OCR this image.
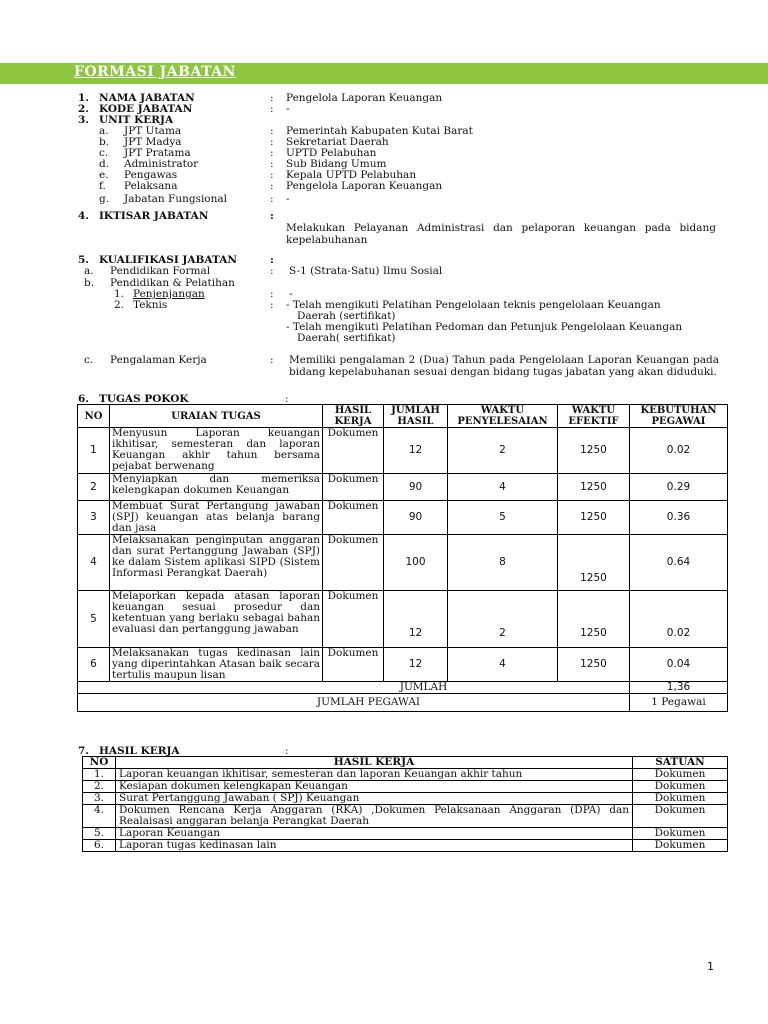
FORMASI JABATAN
1. NAMA JABATAN	: Pengelola Laporan Keuangan
2. KODE JABATAN	: -
3. UNIT KERJA
a. JPT Utama	: Pemerintah Kabupaten Kutai Barat
b. JPT Madya	: Sekretariat Daerah
c. JPT Pratama	: UPTD Pelabuhan
d. Administrator	: Sub Bidang Umum
e. Pengawas	: Kepala UPTD Pelabuhan
f. Pelaksana	: Pengelola Laporan Keuangan
g. Jabatan Fungsional	: -
4. IKTISAR JABATAN	:
Melakukan Pelayanan Administrasi dan pelaporan keuangan pada bidang kepelabuhanan
5. KUALIFIKASI JABATAN	:
a. Pendidikan Formal	: S-1 (Strata-Satu) Ilmu Sosial
b. Pendidikan & Pelatihan
1. Penjenjangan	: -
2. Teknis	: - Telah mengikuti Pelatihan Pengelolaan teknis pengelolaan Keuangan
Daerah (sertifikat)
- Telah mengikuti Pelatihan Pedoman dan Petunjuk Pengelolaan Keuangan
Daerah( sertifikat)
c. Pengalaman Kerja	: Memiliki pengalaman 2 (Dua) Tahun pada Pengelolaan Laporan Keuangan pada bidang kepelabuhanan sesuai dengan bidang tugas jabatan yang akan diduduki.
6. TUGAS POKOK	:
NO	URAIAN TUGAS	HASIL KERJA	JUMLAH HASIL	WAKTU PENYELESAIAN	WAKTU EFEKTIF	KEBUTUHAN PEGAWAI
1	Menyusun Laporan keuangan ikhitisar, semesteran dan laporan Keuangan akhir tahun bersama pejabat berwenang	Dokumen	12	2	1250	0.02
2	Menyiapkan dan memeriksa kelengkapan dokumen Keuangan	Dokumen	90	4	1250	0.29
3	Membuat Surat Pertangung jawaban (SPJ) keuangan atas belanja barang dan jasa	Dokumen	90	5	1250	0.36
4	Melaksanakan penginputan anggaran dan surat Pertanggung Jawaban (SPJ) ke dalam Sistem aplikasi SIPD (Sistem Informasi Perangkat Daerah)	Dokumen	100	8	1250	0.64
5	Melaporkan kepada atasan laporan keuangan sesuai prosedur dan ketentuan yang berlaku sebagai bahan evaluasi dan pertanggung jawaban	Dokumen	12	2	1250	0.02
6	Melaksanakan tugas kedinasan lain yang diperintahkan Atasan baik secara tertulis maupun lisan	Dokumen	12	4	1250	0.04
JUMLAH						1,36
JUMLAH PEGAWAI						1 Pegawai
7. HASIL KERJA	:
NO	HASIL KERJA	SATUAN
1.	Laporan keuangan ikhitisar, semesteran dan laporan Keuangan akhir tahun	Dokumen
2.	Kesiapan dokumen kelengkapan Keuangan	Dokumen
3.	Surat Pertanggung Jawaban ( SPJ) Keuangan	Dokumen
4.	Dokumen Rencana Kerja Anggaran (RKA) ,Dokumen Pelaksanaan Anggaran (DPA) dan Realaisasi anggaran belanja Perangkat Daerah	Dokumen
5.	Laporan Keuangan	Dokumen
6.	Laporan tugas kedinasan lain	Dokumen
1
